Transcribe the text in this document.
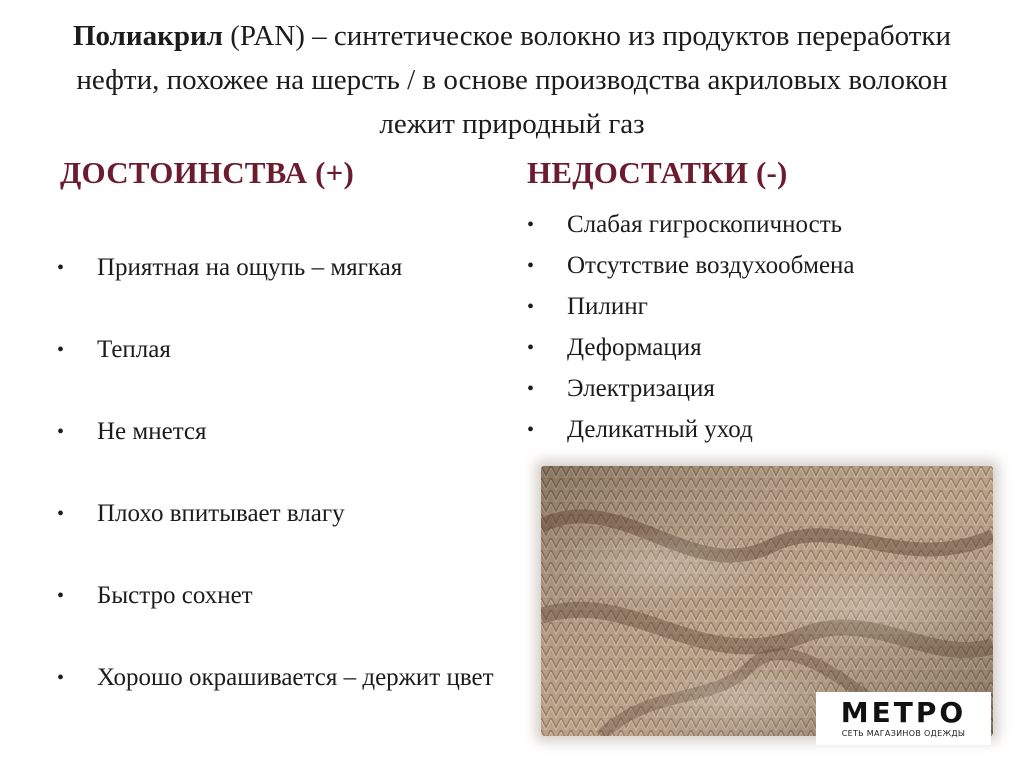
Полиакрил (PAN) – синтетическое волокно из продуктов переработки нефти, похожее на шерсть / в основе производства акриловых волокон лежит природный газ
ДОСТОИНСТВА (+)	НЕДОСТАТКИ (-)
• Приятная на ощупь – мягкая
• Теплая
• Не мнется
• Плохо впитывает влагу
• Быстро сохнет
• Хорошо окрашивается – держит цвет
• Слабая гигроскопичность
• Отсутствие воздухообмена
• Пилинг
• Деформация
• Электризация
• Деликатный уход
МЕТРО
СЕТЬ МАГАЗИНОВ ОДЕЖДЫ
